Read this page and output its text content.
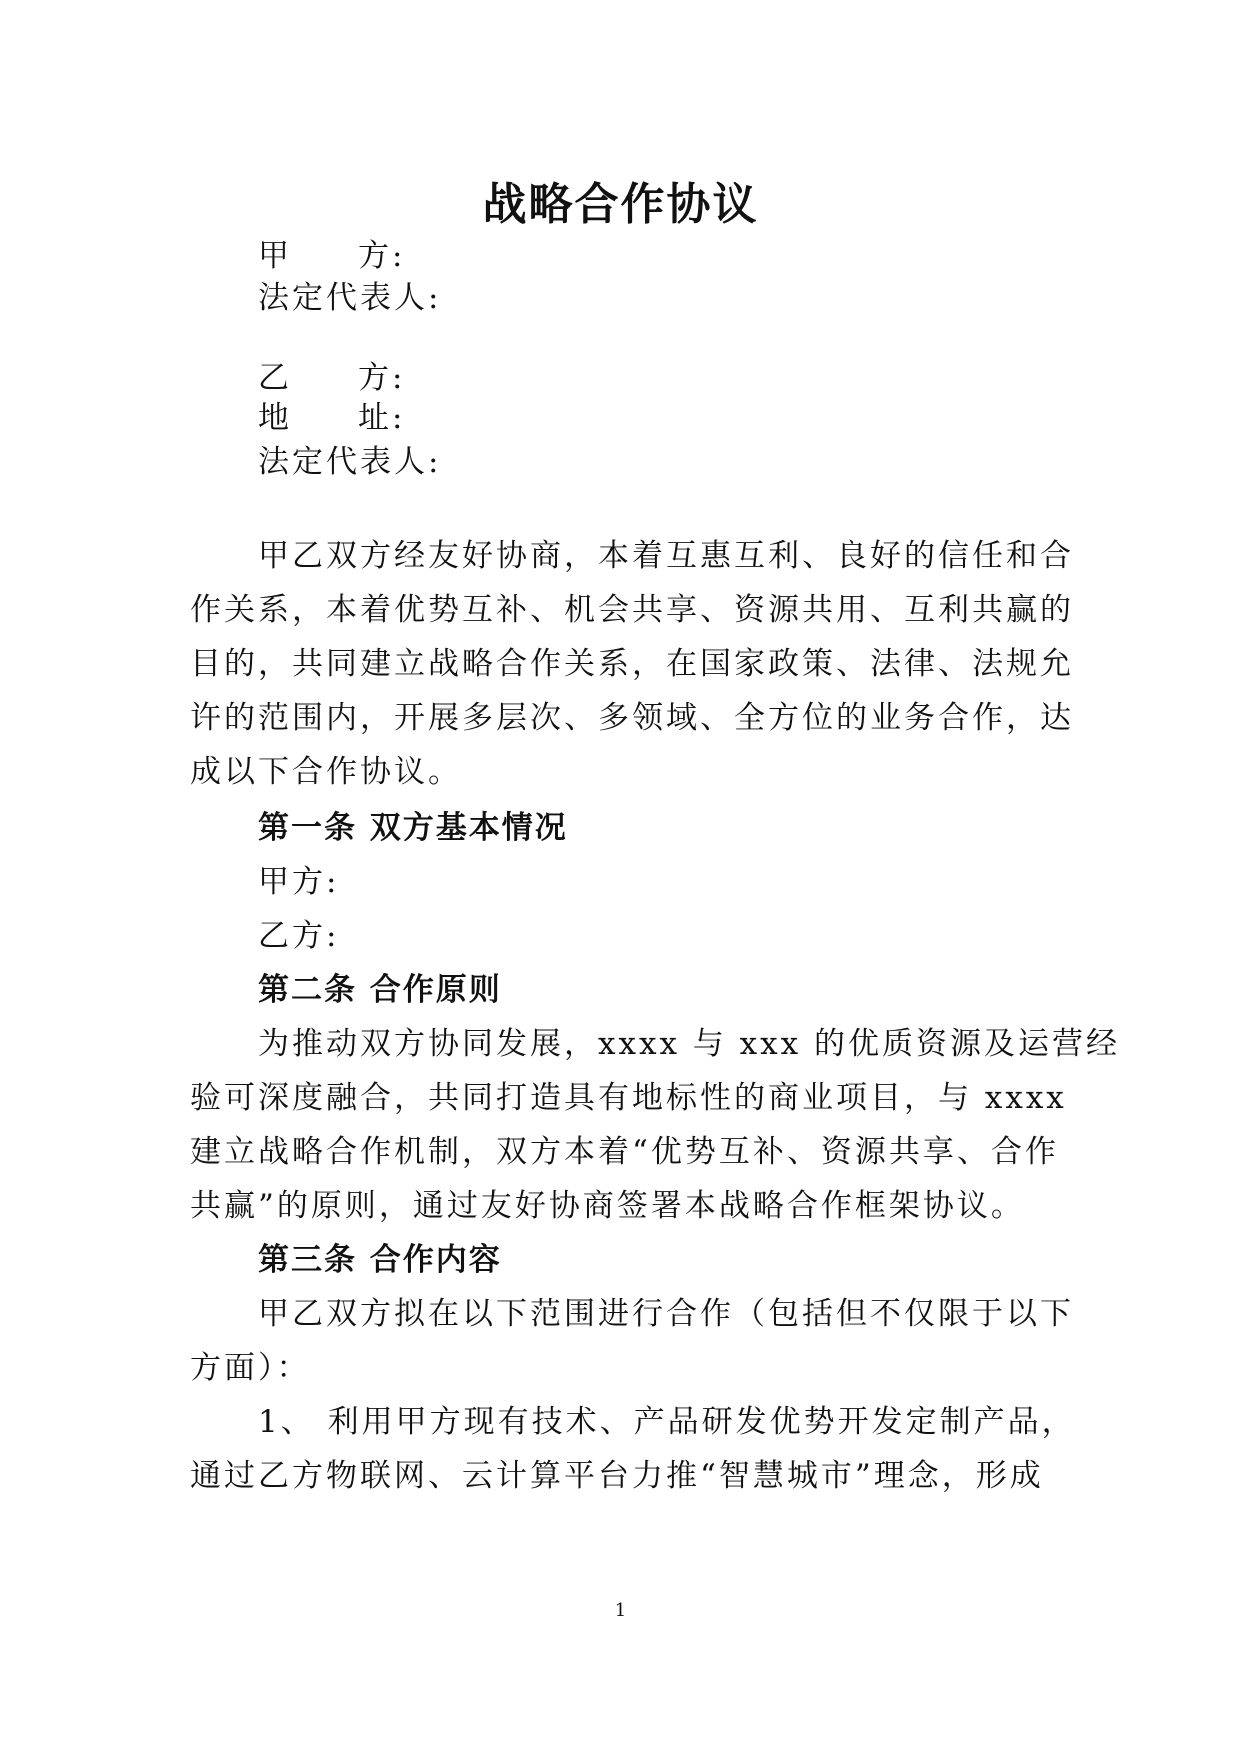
战略合作协议
甲 方:
法定代表人:
乙 方:
地 址:
法定代表人:
甲乙双方经友好协商，本着互惠互利、良好的信任和合
作关系，本着优势互补、机会共享、资源共用、互利共赢的
目的，共同建立战略合作关系，在国家政策、法律、法规允
许的范围内，开展多层次、多领域、全方位的业务合作，达
成以下合作协议。
第一条 双方基本情况
甲方:
乙方:
第二条 合作原则
为推动双方协同发展，xxxx 与 xxx 的优质资源及运营经
验可深度融合，共同打造具有地标性的商业项目，与 xxxx
建立战略合作机制，双方本着“优势互补、资源共享、合作
共赢”的原则，通过友好协商签署本战略合作框架协议。
第三条 合作内容
甲乙双方拟在以下范围进行合作（包括但不仅限于以下
方面）：
1、 利用甲方现有技术、产品研发优势开发定制产品，
通过乙方物联网、云计算平台力推“智慧城市”理念，形成
1
